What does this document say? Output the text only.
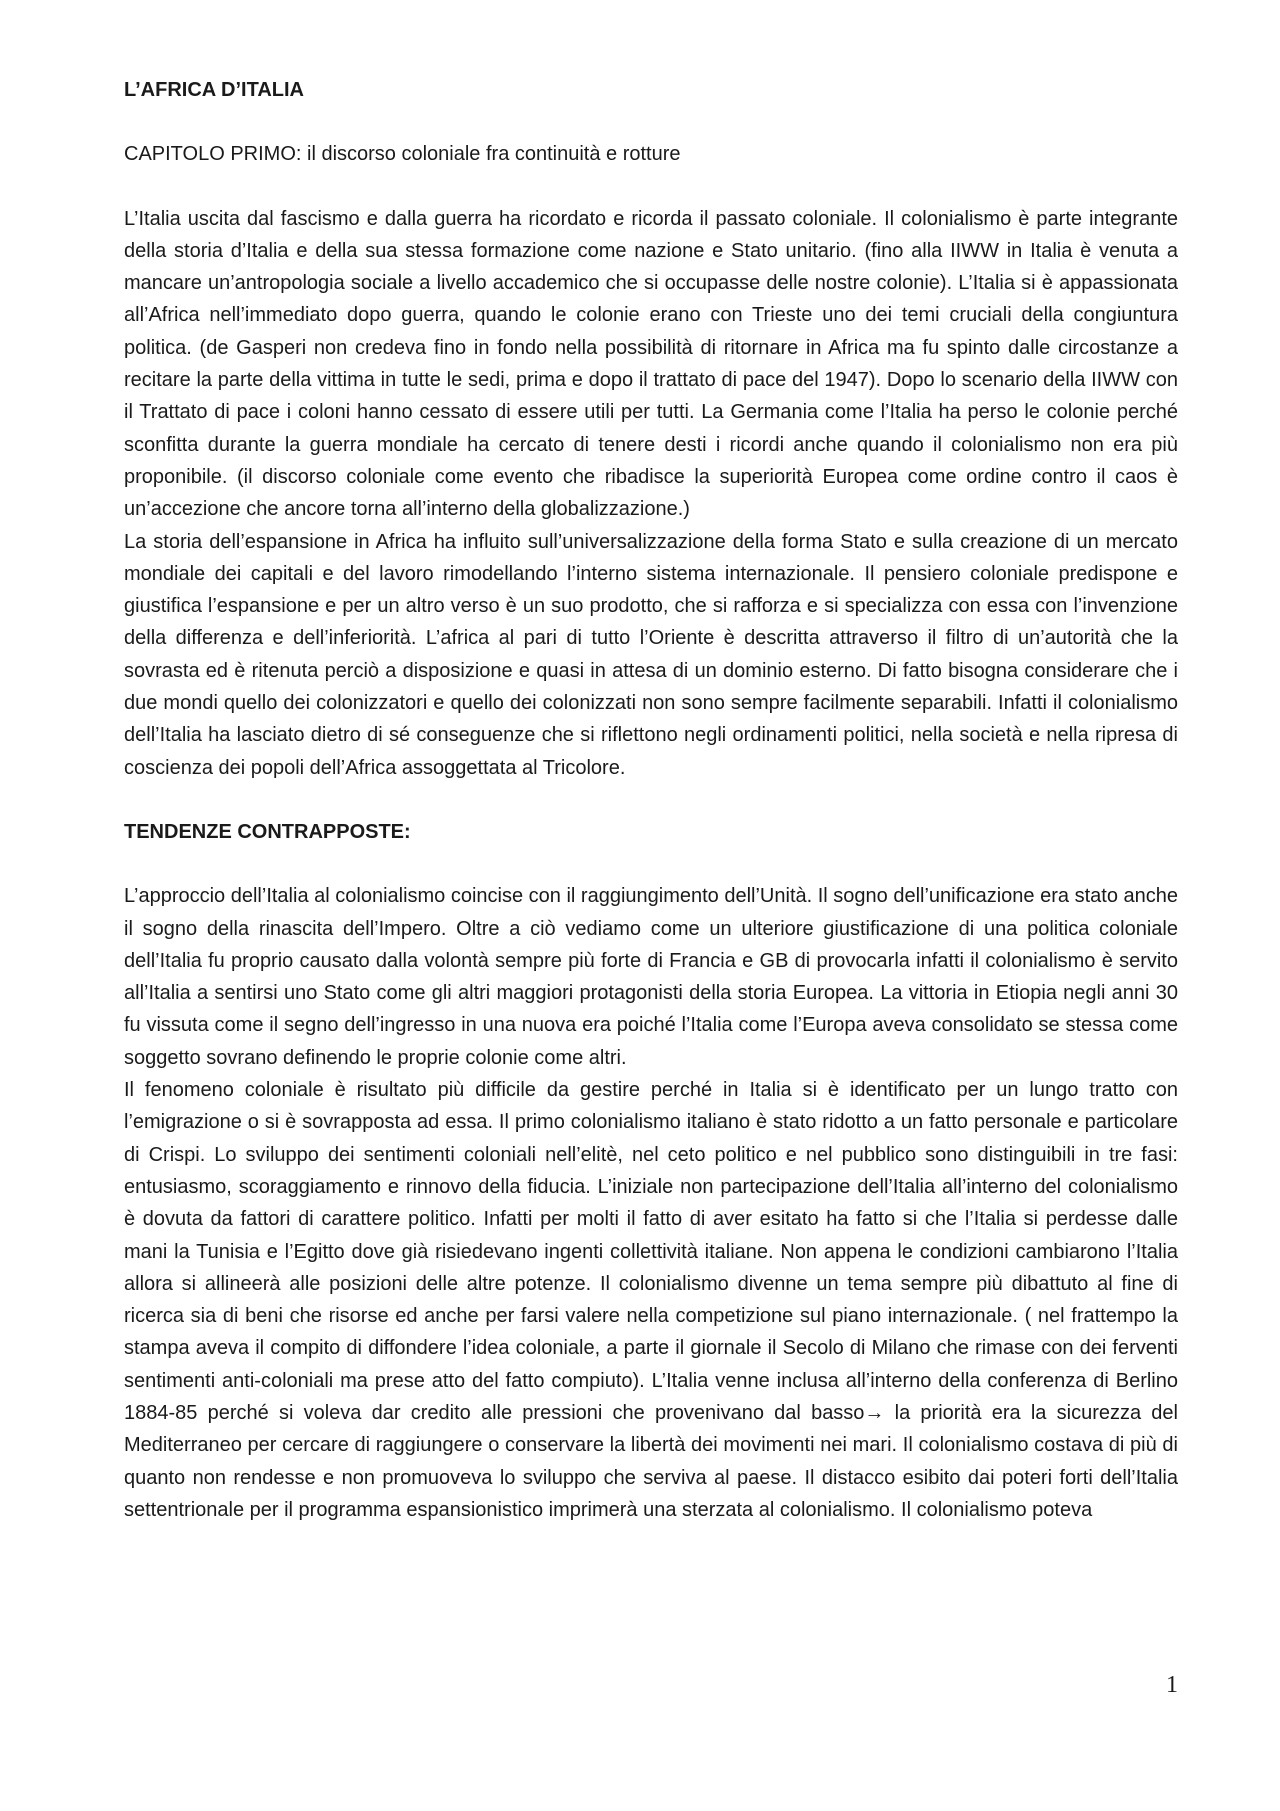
L’AFRICA D’ITALIA

CAPITOLO PRIMO: il discorso coloniale fra continuità e rotture

L’Italia uscita dal fascismo e dalla guerra ha ricordato e ricorda il passato coloniale. Il colonialismo è parte integrante della storia d’Italia e della sua stessa formazione come nazione e Stato unitario. (fino alla IIWW in Italia è venuta a mancare un’antropologia sociale a livello accademico che si occupasse delle nostre colonie). L’Italia si è appassionata all’Africa nell’immediato dopo guerra, quando le colonie erano con Trieste uno dei temi cruciali della congiuntura politica. (de Gasperi non credeva fino in fondo nella possibilità di ritornare in Africa ma fu spinto dalle circostanze a recitare la parte della vittima in tutte le sedi, prima e dopo il trattato di pace del 1947). Dopo lo scenario della IIWW con il Trattato di pace i coloni hanno cessato di essere utili per tutti. La Germania come l’Italia ha perso le colonie perché sconfitta durante la guerra mondiale ha cercato di tenere desti i ricordi anche quando il colonialismo non era più proponibile. (il discorso coloniale come evento che ribadisce la superiorità Europea come ordine contro il caos è un’accezione che ancore torna all’interno della globalizzazione.)

La storia dell’espansione in Africa ha influito sull’universalizzazione della forma Stato e sulla creazione di un mercato mondiale dei capitali e del lavoro rimodellando l’interno sistema internazionale. Il pensiero coloniale predispone e giustifica l’espansione e per un altro verso è un suo prodotto, che si rafforza e si specializza con essa con l’invenzione della differenza e dell’inferiorità. L’africa al pari di tutto l’Oriente è descritta attraverso il filtro di un’autorità che la sovrasta ed è ritenuta perciò a disposizione e quasi in attesa di un dominio esterno. Di fatto bisogna considerare che i due mondi quello dei colonizzatori e quello dei colonizzati non sono sempre facilmente separabili. Infatti il colonialismo dell’Italia ha lasciato dietro di sé conseguenze che si riflettono negli ordinamenti politici, nella società e nella ripresa di coscienza dei popoli dell’Africa assoggettata al Tricolore.

TENDENZE CONTRAPPOSTE:

L’approccio dell’Italia al colonialismo coincise con il raggiungimento dell’Unità. Il sogno dell’unificazione era stato anche il sogno della rinascita dell’Impero. Oltre a ciò vediamo come un ulteriore giustificazione di una politica coloniale dell’Italia fu proprio causato dalla volontà sempre più forte di Francia e GB di provocarla infatti il colonialismo è servito all’Italia a sentirsi uno Stato come gli altri maggiori protagonisti della storia Europea. La vittoria in Etiopia negli anni 30 fu vissuta come il segno dell’ingresso in una nuova era poiché l’Italia come l’Europa aveva consolidato se stessa come soggetto sovrano definendo le proprie colonie come altri.

Il fenomeno coloniale è risultato più difficile da gestire perché in Italia si è identificato per un lungo tratto con l’emigrazione o si è sovrapposta ad essa. Il primo colonialismo italiano è stato ridotto a un fatto personale e particolare di Crispi. Lo sviluppo dei sentimenti coloniali nell’elitè, nel ceto politico e nel pubblico sono distinguibili in tre fasi: entusiasmo, scoraggiamento e rinnovo della fiducia. L’iniziale non partecipazione dell’Italia all’interno del colonialismo è dovuta da fattori di carattere politico. Infatti per molti il fatto di aver esitato ha fatto si che l’Italia si perdesse dalle mani la Tunisia e l’Egitto dove già risiedevano ingenti collettività italiane. Non appena le condizioni cambiarono l’Italia allora si allineerà alle posizioni delle altre potenze. Il colonialismo divenne un tema sempre più dibattuto al fine di ricerca sia di beni che risorse ed anche per farsi valere nella competizione sul piano internazionale. ( nel frattempo la stampa aveva il compito di diffondere l’idea coloniale, a parte il giornale il Secolo di Milano che rimase con dei ferventi sentimenti anti-coloniali ma prese atto del fatto compiuto). L’Italia venne inclusa all’interno della conferenza di Berlino 1884-85 perché si voleva dar credito alle pressioni che provenivano dal basso→ la priorità era la sicurezza del Mediterraneo per cercare di raggiungere o conservare la libertà dei movimenti nei mari. Il colonialismo costava di più di quanto non rendesse e non promuoveva lo sviluppo che serviva al paese. Il distacco esibito dai poteri forti dell’Italia settentrionale per il programma espansionistico imprimerà una sterzata al colonialismo. Il colonialismo poteva

1
